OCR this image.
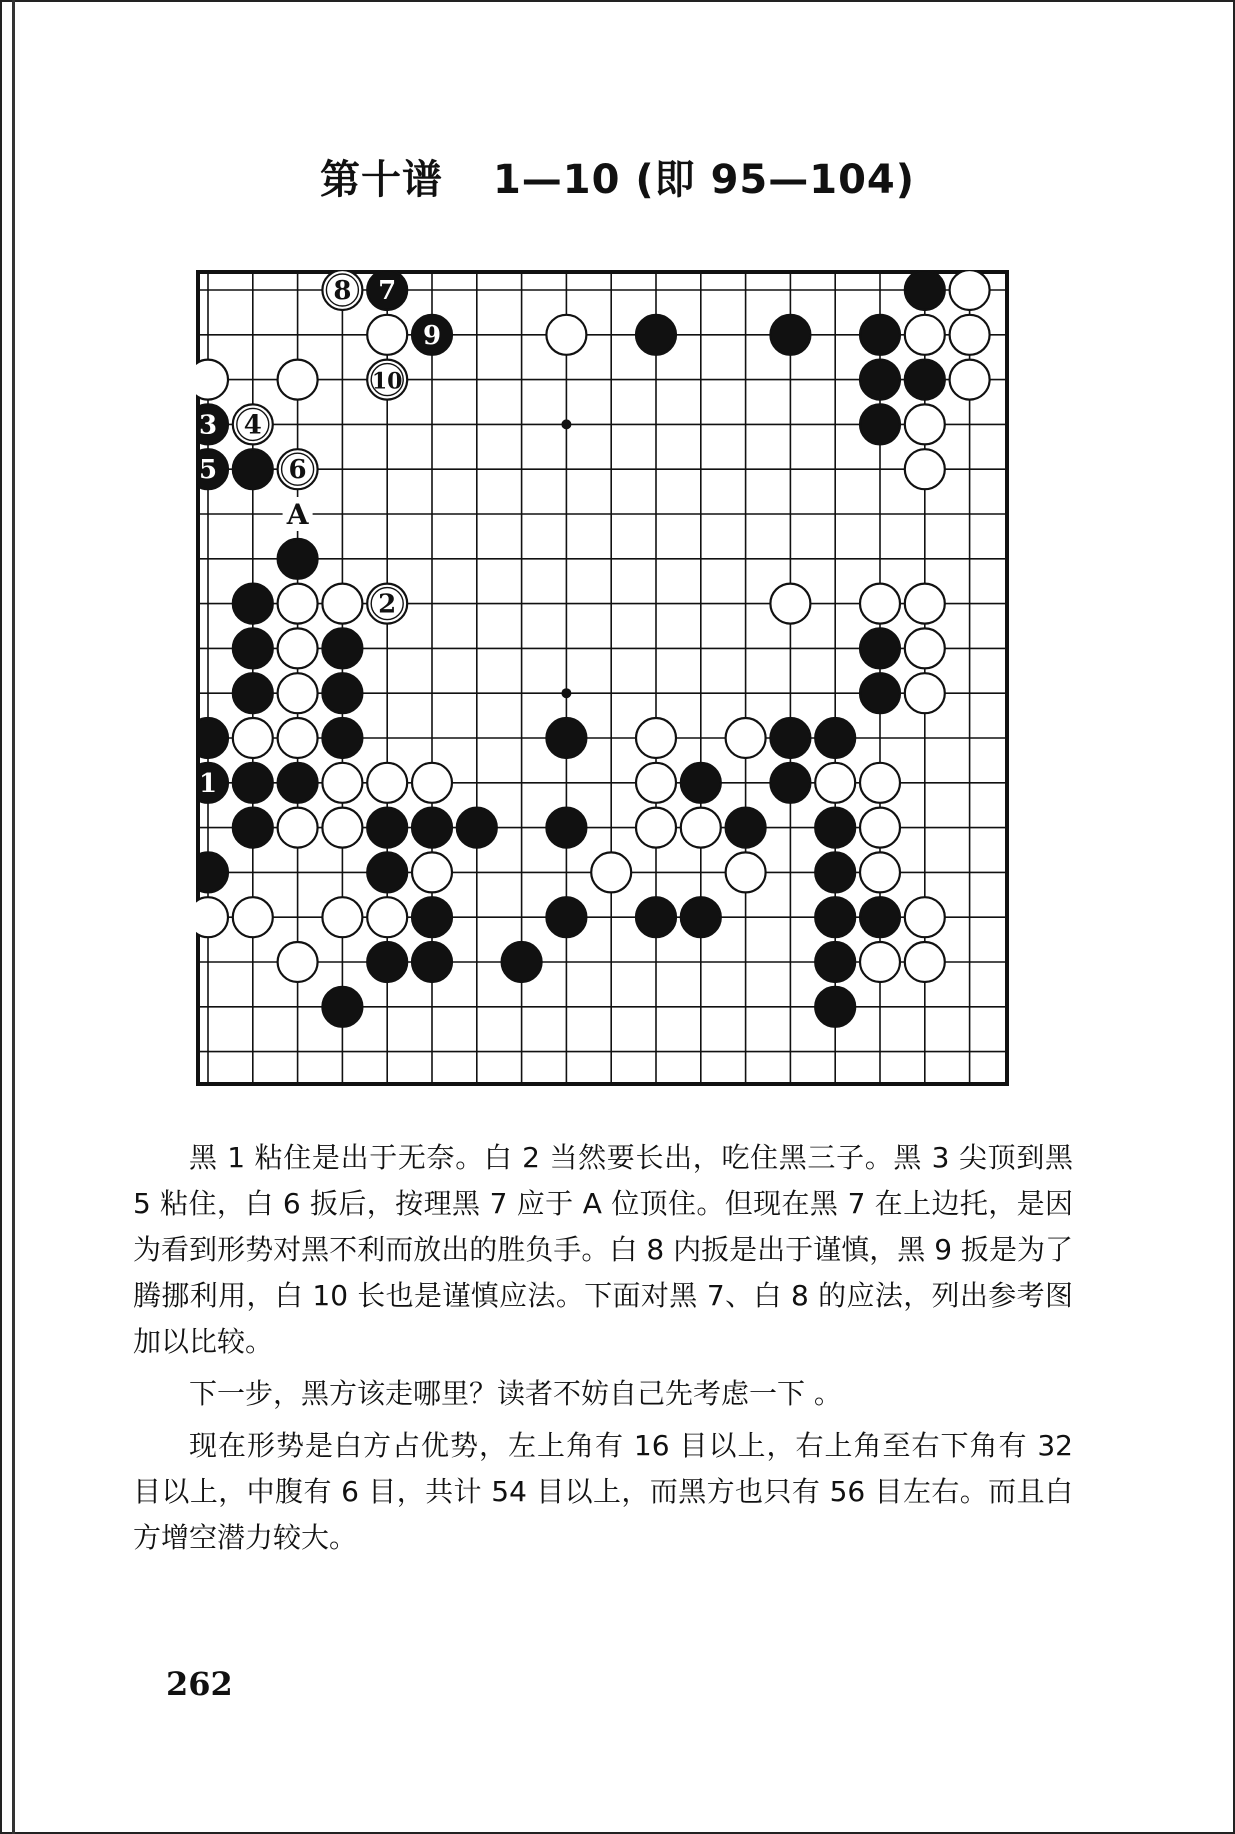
第十谱 1—10 (即 95—104)
8 7
9
10
3 4
5	6
2
1
A

黑 1 粘住是出于无奈。白 2 当然要长出，吃住黑三子。黑 3 尖顶到黑 5 粘住，白 6 扳后，按理黑 7 应于 A 位顶住。但现在黑 7 在上边托，是因为看到形势对黑不利而放出的胜负手。白 8 内扳是出于谨慎，黑 9 扳是为了腾挪利用，白 10 长也是谨慎应法。下面对黑 7、白 8 的应法，列出参考图加以比较。

下一步，黑方该走哪里？读者不妨自己先考虑一下 。

现在形势是白方占优势，左上角有 16 目以上，右上角至右下角有 32 目以上，中腹有 6 目，共计 54 目以上，而黑方也只有 56 目左右。而且白方增空潜力较大。

262
